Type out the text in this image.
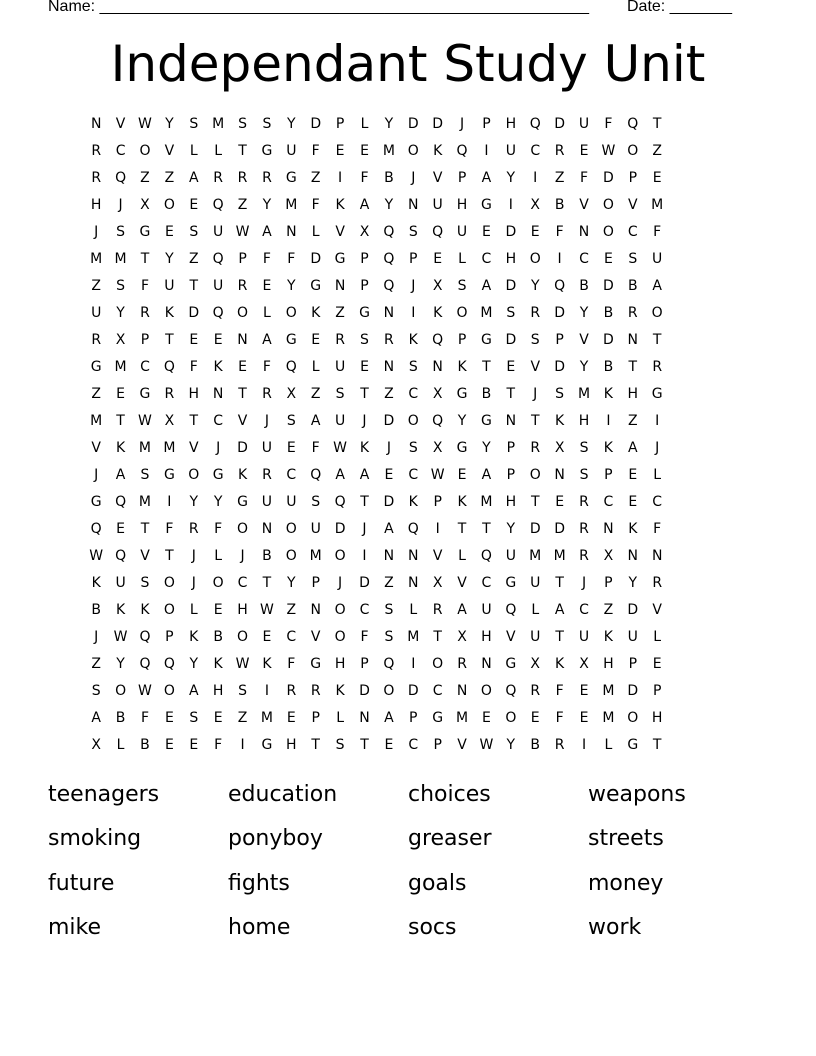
Name: _______________________________________________________ Date: _______
Independant Study Unit
N	V W Y	S M S	S	Y	D	P	L	Y	D D	J	P	H Q D U	F	Q	T
R	C O	V	L	L	T	G U	F	E	E M O	K	Q	I	U	C	R	E W O	Z
R	Q	Z	Z	A	R	R	R	G	Z	I	F	B	J	V	P	A	Y	I	Z	F	D	P	E
H	J	X	O	E	Q	Z	Y	M	F	K	A	Y	N	U	H G	I	X	B	V	O	V M
J	S	G	E	S	U W A	N	L	V	X	Q	S	Q U	E	D	E	F	N O C	F
M M	T	Y	Z	Q	P	F	F	D G	P	Q	P	E	L	C	H O	I	C	E	S	U
Z	S	F	U	T	U	R	E	Y	G N	P	Q	J	X	S	A	D	Y	Q	B	D	B	A
U	Y	R	K	D Q O	L	O	K	Z	G N	I	K	O M S	R	D	Y	B	R	O
R	X	P	T	E	E	N	A	G	E	R	S	R	K	Q	P	G D	S	P	V	D N	T
G M C Q	F	K	E	F	Q	L	U	E	N	S	N	K	T	E	V	D	Y	B	T	R
Z	E	G	R	H N	T	R	X	Z	S	T	Z	C	X	G	B	T	J	S M K	H G
M	T W X	T	C	V	J	S	A	U	J	D O Q	Y	G N	T	K	H	I	Z	I
V	K M M V	J	D U	E	F W K	J	S	X	G	Y	P	R	X	S	K	A	J
J	A	S	G O G	K	R	C Q	A	A	E	C W E	A	P	O N	S	P	E	L
G Q M	I	Y	Y	G U	U	S	Q	T	D	K	P	K M H	T	E	R	C	E	C
Q	E	T	F	R	F	O N O U D	J	A	Q	I	T	T	Y	D D	R	N	K	F
W Q	V	T	J	L	J	B	O M O	I	N N	V	L	Q U M M R	X	N N
K	U	S	O	J	O C	T	Y	P	J	D	Z	N	X	V	C	G U	T	J	P	Y	R
B	K	K	O	L	E	H W Z	N O C	S	L	R	A	U Q	L	A	C	Z	D	V
J	W Q	P	K	B	O	E	C	V	O	F	S M	T	X	H	V	U	T	U	K	U	L
Z	Y	Q Q	Y	K W K	F	G H	P	Q	I	O	R	N G	X	K	X	H	P	E
S	O W O	A	H	S	I	R	R	K	D O D	C	N O Q	R	F	E M D	P
A	B	F	E	S	E	Z M E	P	L	N	A	P	G M E	O	E	F	E M O H
X	L	B	E	E	F	I	G H	T	S	T	E	C	P	V W Y	B	R	I	L	G	T
teenagers	education	choices	weapons
smoking	ponyboy	greaser	streets
future	fights	goals	money
mike	home	socs	work
